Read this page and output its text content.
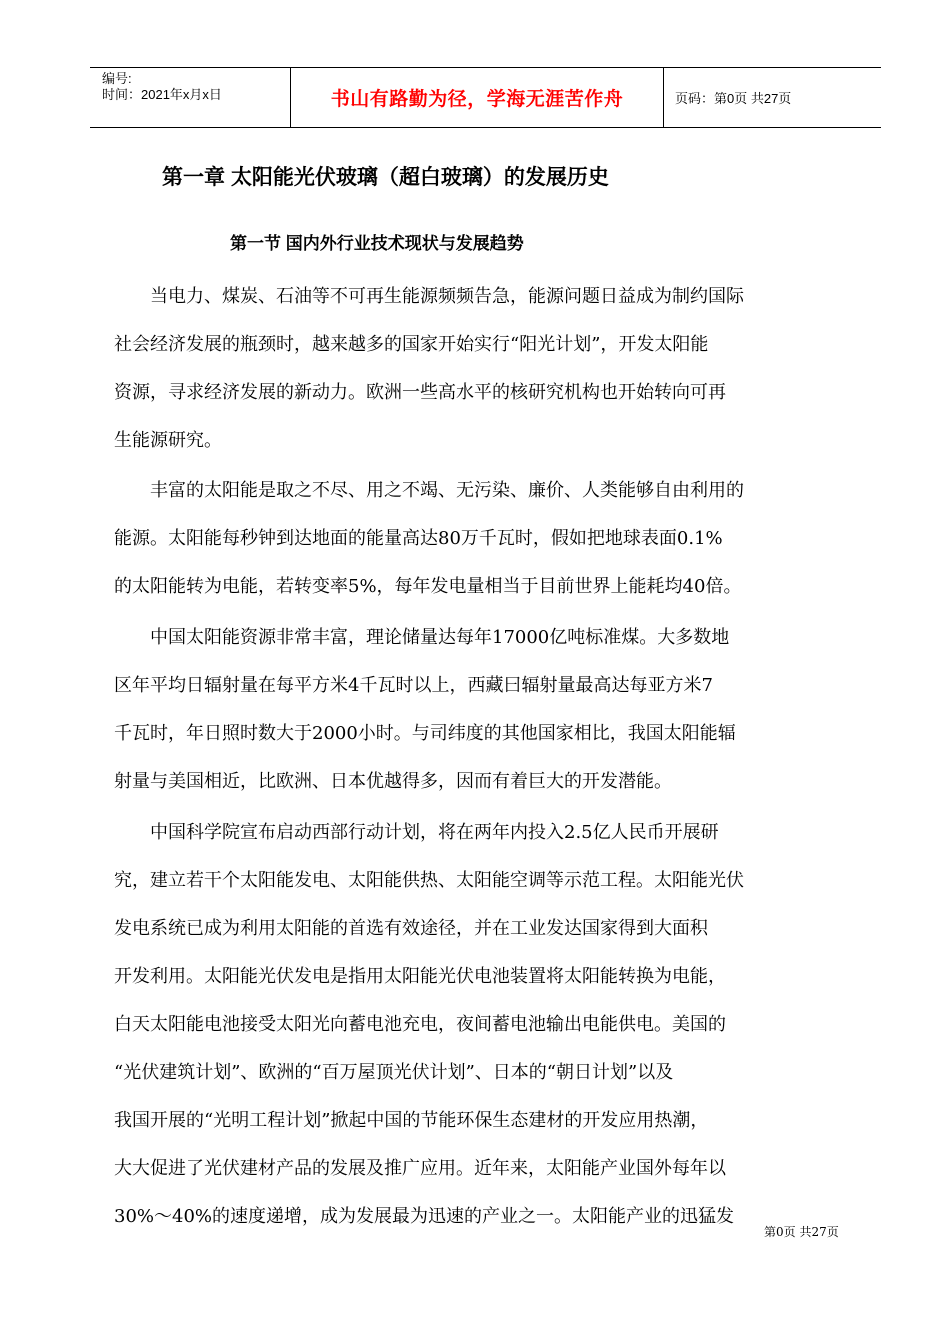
编号:
时间：2021年x月x日	书山有路勤为径，学海无涯苦作舟	页码：第0页 共27页
第一章 太阳能光伏玻璃（超白玻璃）的发展历史
第一节 国内外行业技术现状与发展趋势
当电力、煤炭、石油等不可再生能源频频告急，能源问题日益成为制约国际
社会经济发展的瓶颈时，越来越多的国家开始实行“阳光计划”，开发太阳能
资源，寻求经济发展的新动力。欧洲一些高水平的核研究机构也开始转向可再
生能源研究。
丰富的太阳能是取之不尽、用之不竭、无污染、廉价、人类能够自由利用的
能源。太阳能每秒钟到达地面的能量高达80万千瓦时，假如把地球表面0.1%
的太阳能转为电能，若转变率5%，每年发电量相当于目前世界上能耗均40倍。
中国太阳能资源非常丰富，理论储量达每年17000亿吨标准煤。大多数地
区年平均日辐射量在每平方米4千瓦时以上，西藏曰辐射量最高达每亚方米7
千瓦时，年日照时数大于2000小时。与司纬度的其他国家相比，我国太阳能辐
射量与美国相近，比欧洲、日本优越得多，因而有着巨大的开发潜能。
中国科学院宣布启动西部行动计划，将在两年内投入2.5亿人民币开展研
究，建立若干个太阳能发电、太阳能供热、太阳能空调等示范工程。太阳能光伏
发电系统已成为利用太阳能的首选有效途径，并在工业发达国家得到大面积
开发利用。太阳能光伏发电是指用太阳能光伏电池装置将太阳能转换为电能，
白天太阳能电池接受太阳光向蓄电池充电，夜间蓄电池输出电能供电。美国的
“光伏建筑计划”、欧洲的“百万屋顶光伏计划”、日本的“朝日计划”以及
我国开展的“光明工程计划”掀起中国的节能环保生态建材的开发应用热潮，
大大促进了光伏建材产品的发展及推广应用。近年来，太阳能产业国外每年以
30%～40%的速度递增，成为发展最为迅速的产业之一。太阳能产业的迅猛发
第0页 共27页
